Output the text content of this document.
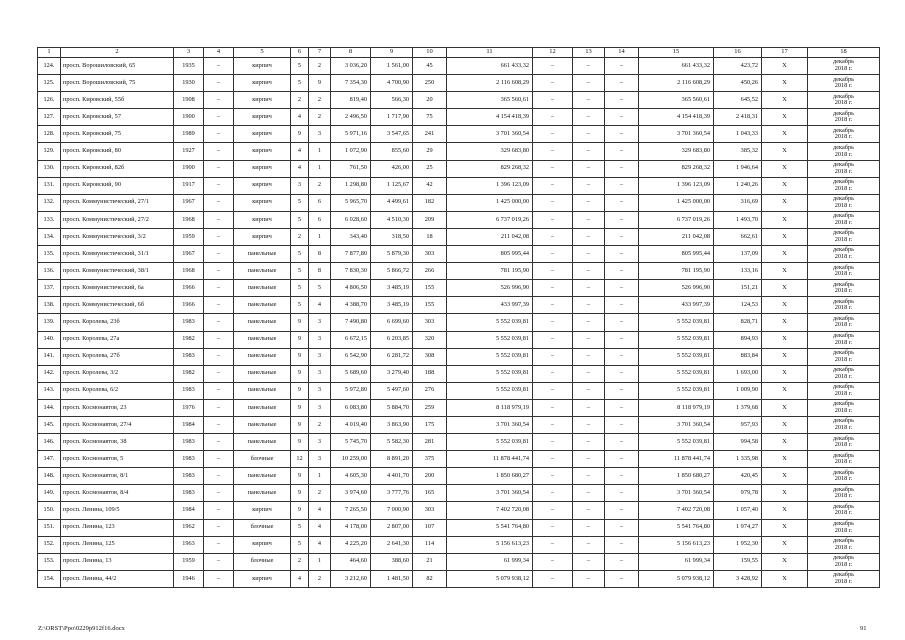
1	2	3	4	5	6	7	8	9	10	11	12	13	14	15	16	17	18
124.	просп. Ворошиловский, 65	1935	–	кирпич	5	2	3 036,20	1 561,00	45	661 433,32	–	–	–	661 433,32	423,72	X	декабрь
2018 г.

125.	просп. Ворошиловский, 75	1930	–	кирпич	5	9	7 354,30	4 700,90	250	2 116 608,29	–	–	–	2 116 608,29	450,26	X	декабрь
2018 г.

126.	просп. Кировский, 55б	1908	–	кирпич	2	2	819,40	566,30	20	365 560,61	–	–	–	365 560,61	645,52	X	декабрь
2018 г.

127.	просп. Кировский, 57	1900	–	кирпич	4	2	2 496,50	1 717,90	75	4 154 418,39	–	–	–	4 154 418,39	2 418,31	X	декабрь
2018 г.

128.	просп. Кировский, 75	1989	–	кирпич	9	3	5 971,16	3 547,65	241	3 701 360,54	–	–	–	3 701 360,54	1 043,33	X	декабрь
2018 г.

129.	просп. Кировский, 80	1927	–	кирпич	4	1	1 072,90	855,60	29	329 683,80	–	–	–	329 683,80	385,32	X	декабрь
2018 г.

130.	просп. Кировский, 82б	1900	–	кирпич	4	1	761,50	426,00	25	829 268,32	–	–	–	829 268,32	1 946,64	X	декабрь
2018 г.

131.	просп. Кировский, 90	1917	–	кирпич	3	2	1 298,80	1 125,67	42	1 396 123,09	–	–	–	1 396 123,09	1 240,26	X	декабрь
2018 г.

132.	просп. Коммунистический, 27/1	1967	–	кирпич	5	6	5 965,70	4 499,61	182	1 425 000,00	–	–	–	1 425 000,00	316,69	X	декабрь
2018 г.

133.	просп. Коммунистический, 27/2	1968	–	кирпич	5	6	6 028,60	4 510,30	209	6 737 019,26	–	–	–	6 737 019,26	1 493,70	X	декабрь
2018 г.

134.	просп. Коммунистический, 3/2	1959	–	кирпич	2	1	343,40	318,50	18	211 042,08	–	–	–	211 042,08	662,61	X	декабрь
2018 г.

135.	просп. Коммунистический, 31/1	1967	–	панельные	5	8	7 877,80	5 879,30	303	805 995,44	–	–	–	805 995,44	137,09	X	декабрь
2018 г.

136.	просп. Коммунистический, 38/1	1968	–	панельные	5	8	7 830,30	5 866,72	266	781 195,90	–	–	–	781 195,90	133,16	X	декабрь
2018 г.

137.	просп. Коммунистический, 6а	1966	–	панельные	5	5	4 806,50	3 485,19	155	526 996,90	–	–	–	526 996,90	151,21	X	декабрь
2018 г.

138.	просп. Коммунистический, 6б	1966	–	панельные	5	4	4 388,70	3 485,19	155	433 997,39	–	–	–	433 997,39	124,53	X	декабрь
2018 г.

139.	просп. Королева, 23б	1983	–	панельные	9	3	7 490,80	6 699,60	303	5 552 039,81	–	–	–	5 552 039,81	828,71	X	декабрь
2018 г.

140.	просп. Королева, 27а	1982	–	панельные	9	3	6 672,15	6 203,85	320	5 552 039,81	–	–	–	5 552 039,81	894,93	X	декабрь
2018 г.

141.	просп. Королева, 27б	1983	–	панельные	9	3	6 542,90	6 281,72	308	5 552 039,81	–	–	–	5 552 039,81	883,84	X	декабрь
2018 г.

142.	просп. Королева, 3/2	1982	–	панельные	9	3	5 689,60	3 279,40	188	5 552 039,81	–	–	–	5 552 039,81	1 693,00	X	декабрь
2018 г.

143.	просп. Королева, 6/2	1983	–	панельные	9	3	5 972,80	5 497,60	276	5 552 039,81	–	–	–	5 552 039,81	1 009,90	X	декабрь
2018 г.

144.	просп. Космонавтов, 23	1976	–	панельные	9	3	6 083,80	5 884,70	259	8 118 979,19	–	–	–	8 118 979,19	1 379,68	X	декабрь
2018 г.

145.	просп. Космонавтов, 27/4	1984	–	панельные	9	2	4 019,40	3 863,90	175	3 701 360,54	–	–	–	3 701 360,54	957,93	X	декабрь
2018 г.

146.	просп. Космонавтов, 38	1983	–	панельные	9	3	5 745,70	5 582,30	281	5 552 039,81	–	–	–	5 552 039,81	994,58	X	декабрь
2018 г.

147.	просп. Космонавтов, 5	1983	–	блочные	12	3	10 259,00	8 891,20	375	11 878 441,74	–	–	–	11 878 441,74	1 335,98	X	декабрь
2018 г.

148.	просп. Космонавтов, 8/1	1983	–	панельные	9	1	4 605,30	4 401,70	200	1 850 680,27	–	–	–	1 850 680,27	420,45	X	декабрь
2018 г.

149.	просп. Космонавтов, 8/4	1983	–	панельные	9	2	3 974,60	3 777,76	165	3 701 360,54	–	–	–	3 701 360,54	979,78	X	декабрь
2018 г.

150.	просп. Ленина, 109/5	1984	–	кирпич	9	4	7 265,50	7 000,90	303	7 402 720,08	–	–	–	7 402 720,08	1 057,40	X	декабрь
2018 г.

151.	просп. Ленина, 123	1962	–	блочные	5	4	4 178,00	2 807,00	107	5 541 764,80	–	–	–	5 541 764,80	1 974,27	X	декабрь
2018 г.

152.	просп. Ленина, 125	1963	–	кирпич	5	4	4 225,20	2 641,30	114	5 156 613,23	–	–	–	5 156 613,23	1 952,30	X	декабрь
2018 г.

153.	просп. Ленина, 13	1959	–	блочные	2	1	464,60	388,60	21	61 999,34	–	–	–	61 999,34	159,55	X	декабрь
2018 г.

154.	просп. Ленина, 44/2	1946	–	кирпич	4	2	3 212,60	1 481,50	82	5 079 938,12	–	–	–	5 079 938,12	3 428,92	X	декабрь
2018 г.
Z:\ORST\Ppo\0229p912f16.docx	91
